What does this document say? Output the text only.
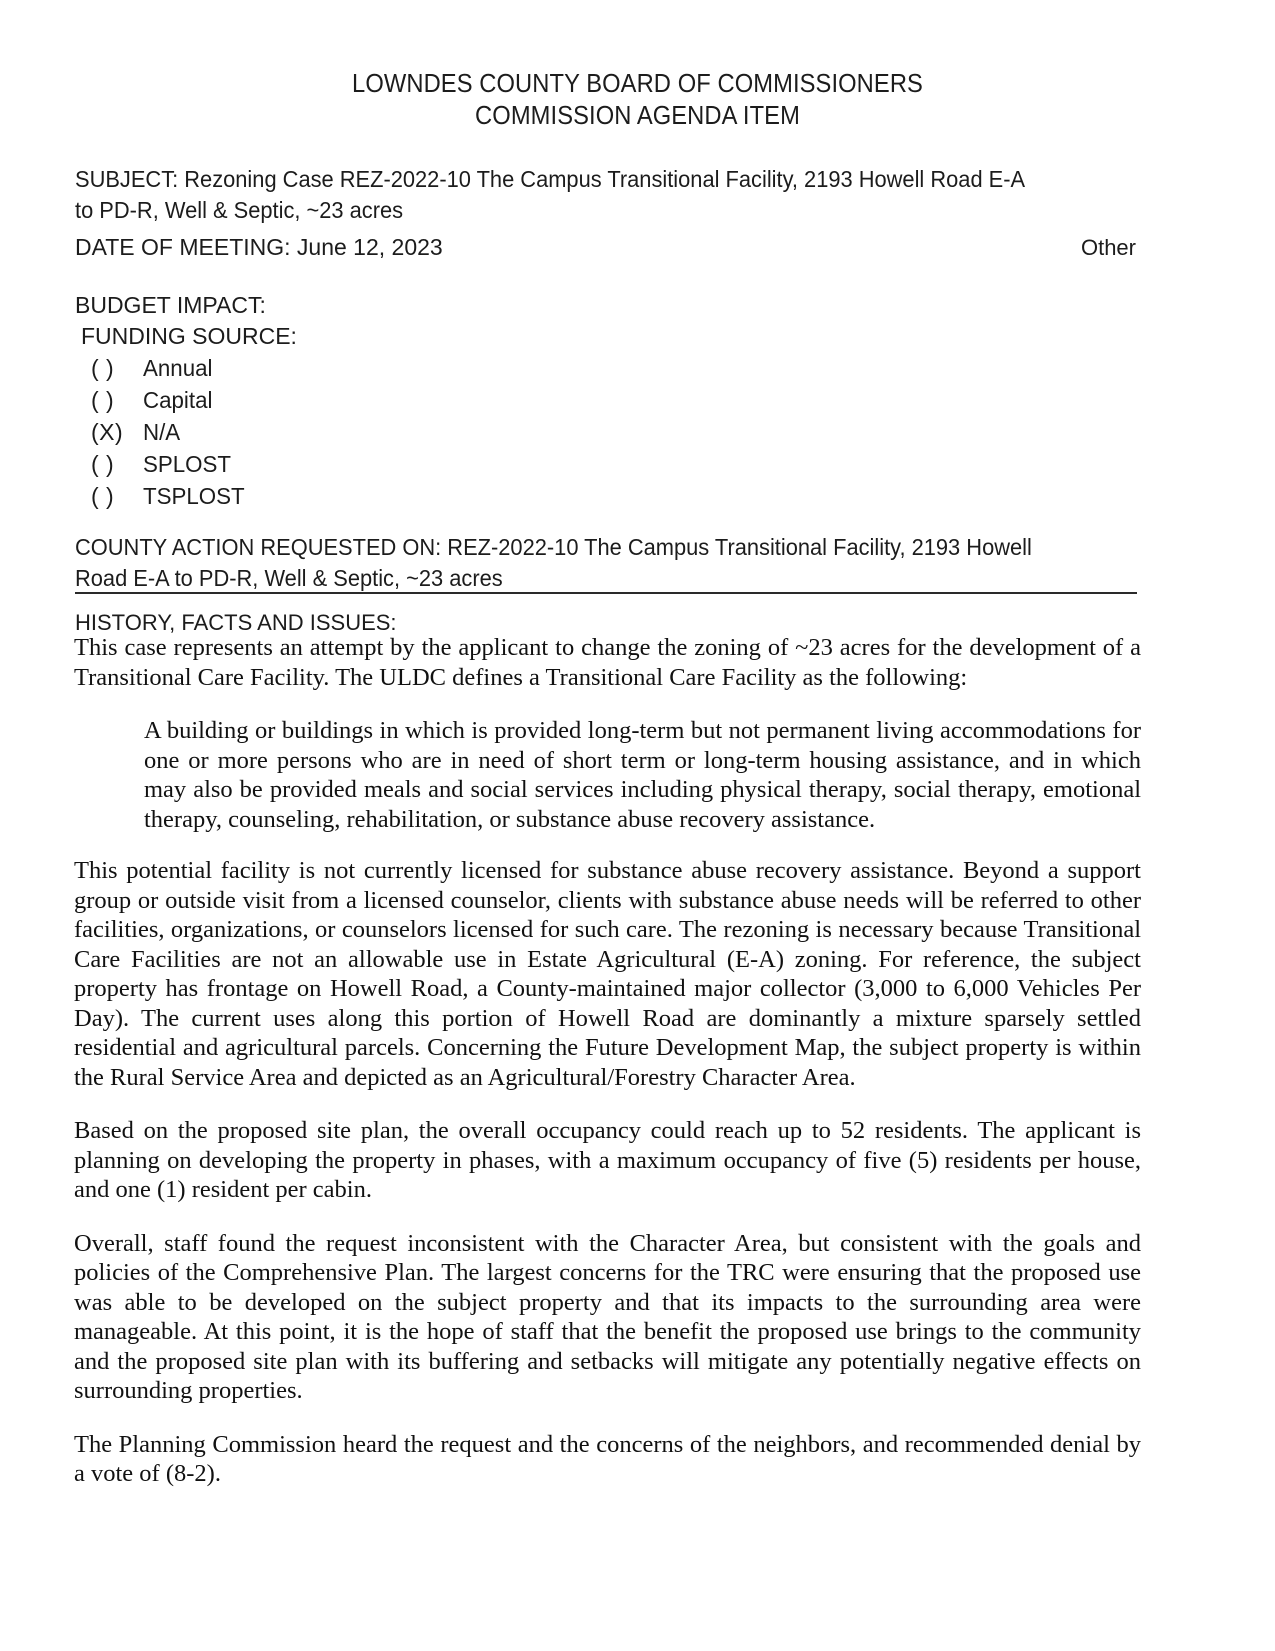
LOWNDES COUNTY BOARD OF COMMISSIONERS
COMMISSION AGENDA ITEM
SUBJECT: Rezoning Case REZ-2022-10 The Campus Transitional Facility, 2193 Howell Road E-A to PD-R, Well & Septic, ~23 acres
DATE OF MEETING: June 12, 2023	Other
BUDGET IMPACT:
FUNDING SOURCE:
( )	Annual
( )	Capital
(X) N/A
( )	SPLOST
( )	TSPLOST
COUNTY ACTION REQUESTED ON: REZ-2022-10 The Campus Transitional Facility, 2193 Howell Road E-A to PD-R, Well & Septic, ~23 acres
HISTORY, FACTS AND ISSUES:

This case represents an attempt by the applicant to change the zoning of ~23 acres for the development of a Transitional Care Facility. The ULDC defines a Transitional Care Facility as the following:

A building or buildings in which is provided long-term but not permanent living accommodations for one or more persons who are in need of short term or long-term housing assistance, and in which may also be provided meals and social services including physical therapy, social therapy, emotional therapy, counseling, rehabilitation, or substance abuse recovery assistance.

This potential facility is not currently licensed for substance abuse recovery assistance. Beyond a support group or outside visit from a licensed counselor, clients with substance abuse needs will be referred to other facilities, organizations, or counselors licensed for such care. The rezoning is necessary because Transitional Care Facilities are not an allowable use in Estate Agricultural (E-A) zoning. For reference, the subject property has frontage on Howell Road, a County-maintained major collector (3,000 to 6,000 Vehicles Per Day). The current uses along this portion of Howell Road are dominantly a mixture sparsely settled residential and agricultural parcels. Concerning the Future Development Map, the subject property is within the Rural Service Area and depicted as an Agricultural/Forestry Character Area.

Based on the proposed site plan, the overall occupancy could reach up to 52 residents. The applicant is planning on developing the property in phases, with a maximum occupancy of five (5) residents per house, and one (1) resident per cabin.

Overall, staff found the request inconsistent with the Character Area, but consistent with the goals and policies of the Comprehensive Plan. The largest concerns for the TRC were ensuring that the proposed use was able to be developed on the subject property and that its impacts to the surrounding area were manageable. At this point, it is the hope of staff that the benefit the proposed use brings to the community and the proposed site plan with its buffering and setbacks will mitigate any potentially negative effects on surrounding properties.

The Planning Commission heard the request and the concerns of the neighbors, and recommended denial by a vote of (8-2).
